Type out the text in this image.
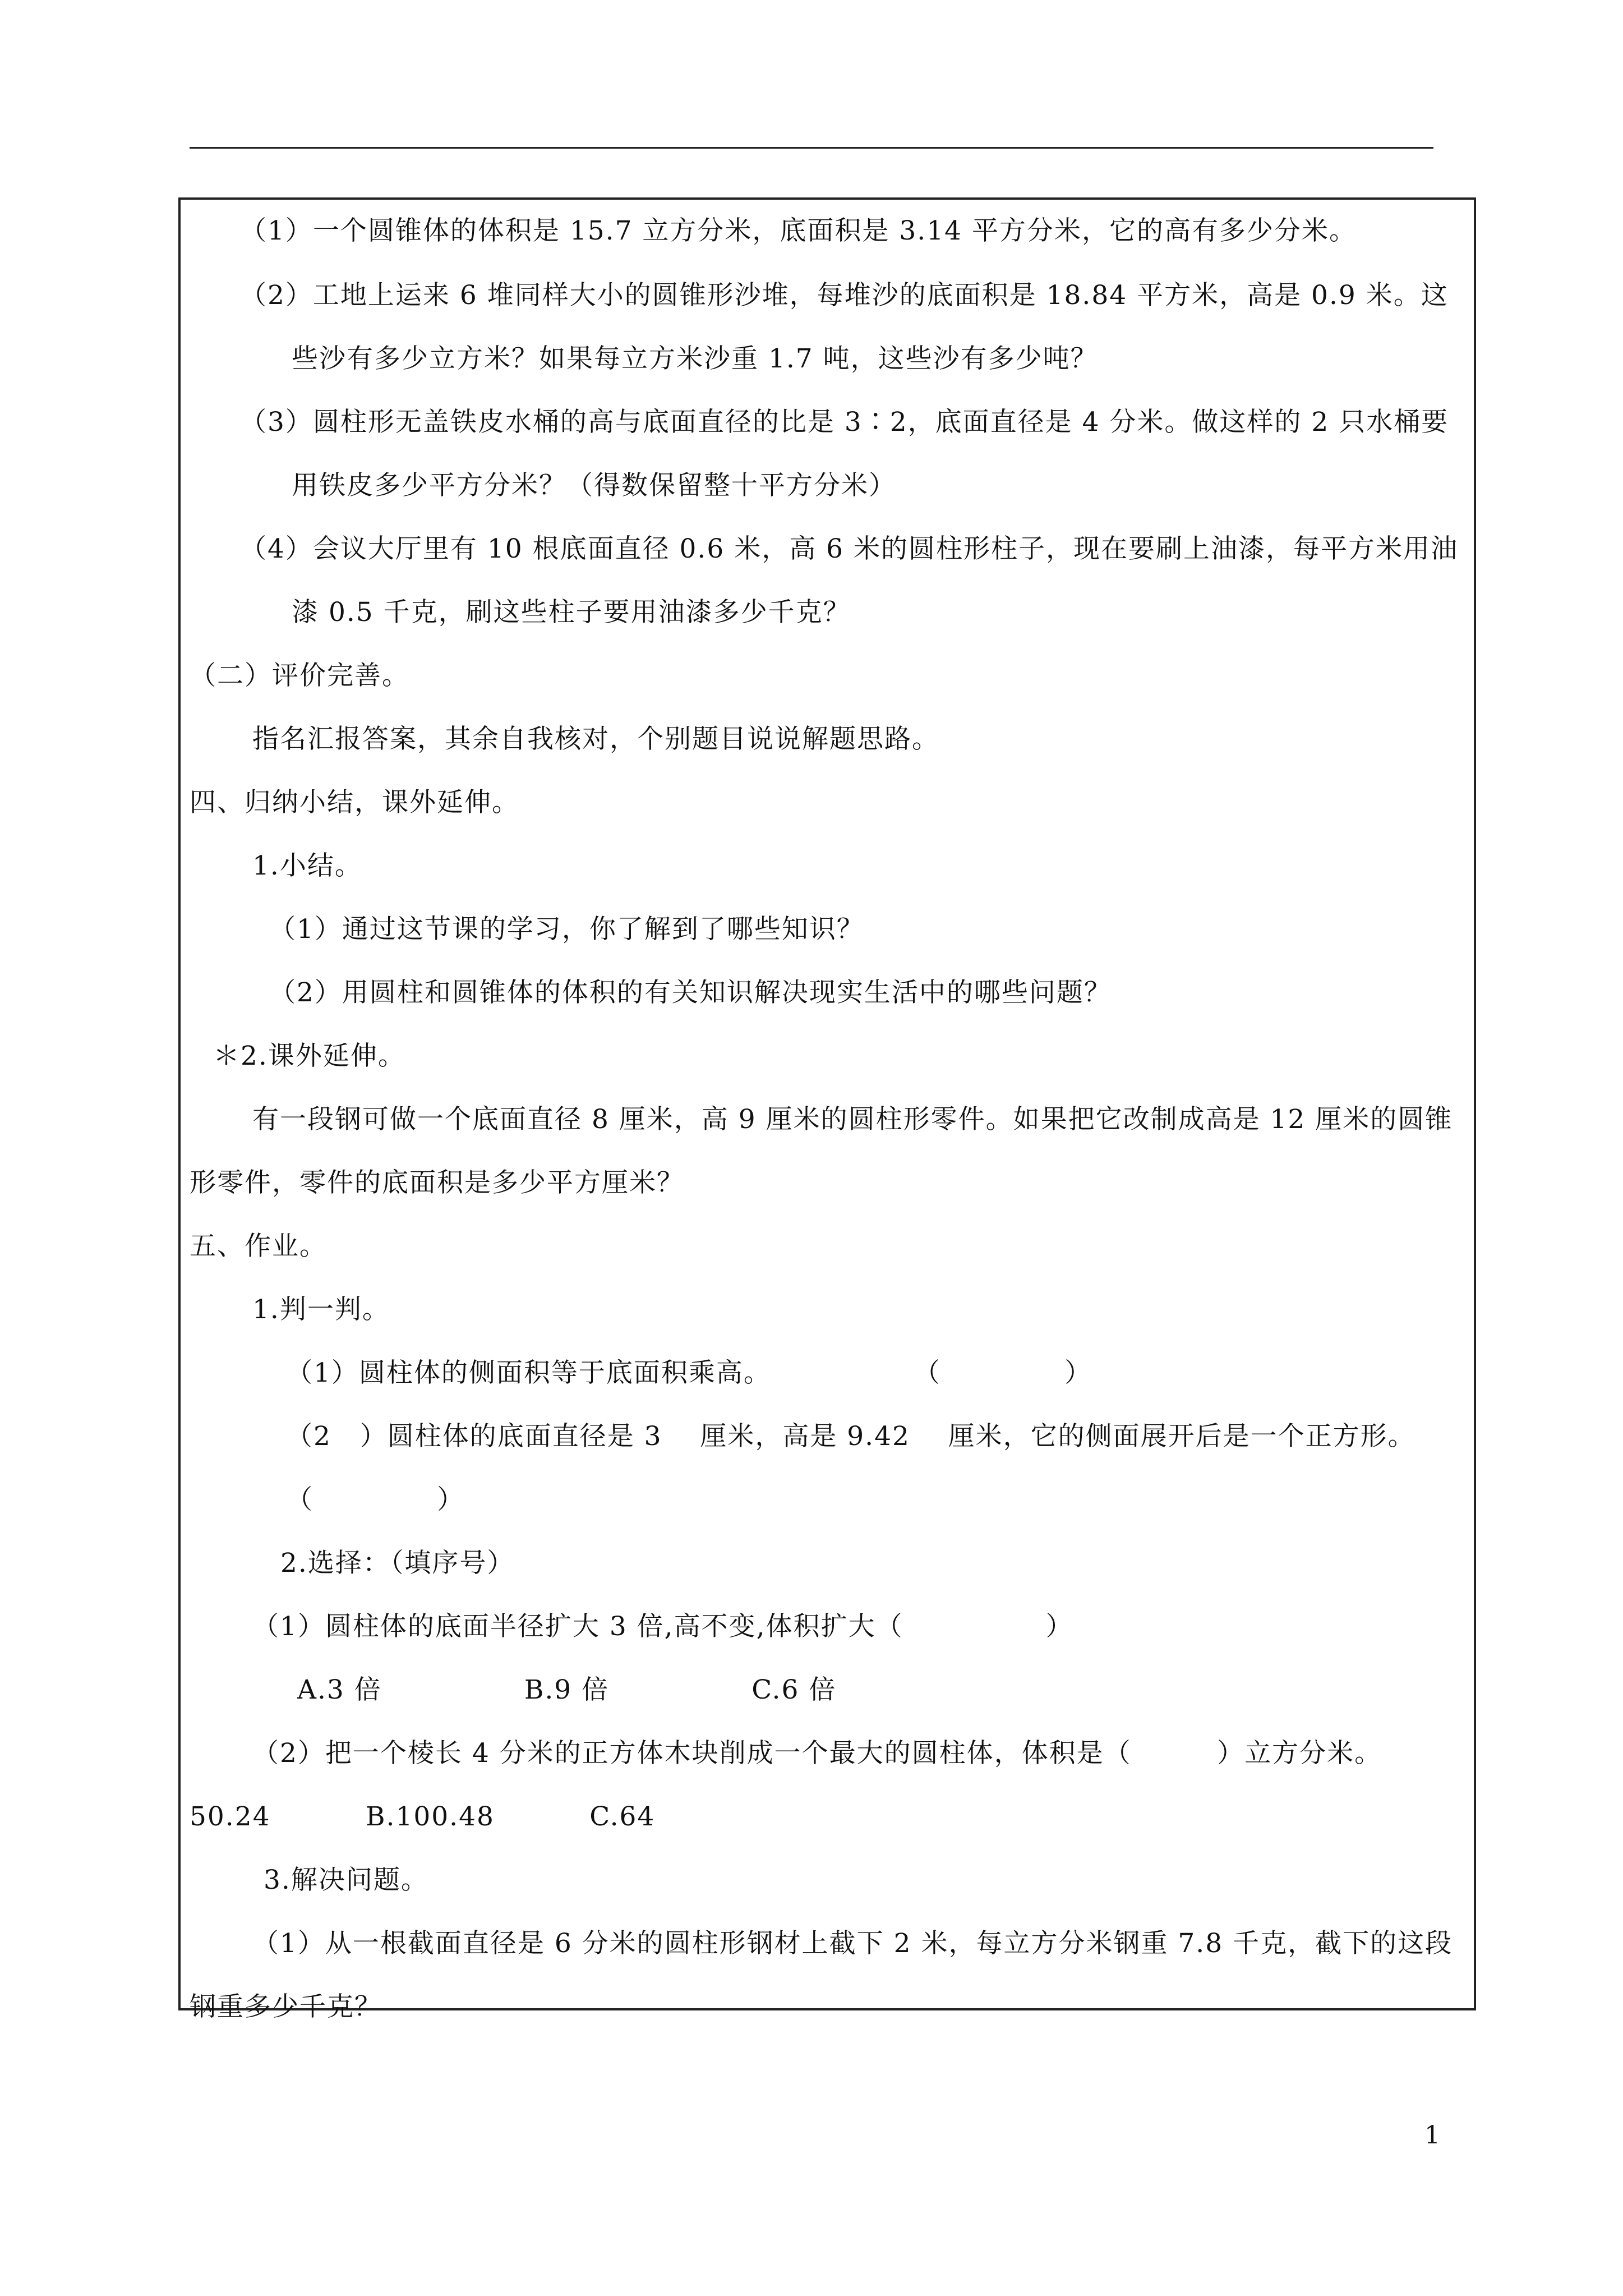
（1）一个圆锥体的体积是 15.7 立方分米，底面积是 3.14 平方分米，它的高有多少分米。
（2）工地上运来 6 堆同样大小的圆锥形沙堆，每堆沙的底面积是 18.84 平方米，高是 0.9 米。这
些沙有多少立方米？如果每立方米沙重 1.7 吨，这些沙有多少吨？
（3）圆柱形无盖铁皮水桶的高与底面直径的比是 3∶2，底面直径是 4 分米。做这样的 2 只水桶要
用铁皮多少平方分米？（得数保留整十平方分米）
（4）会议大厅里有 10 根底面直径 0.6 米，高 6 米的圆柱形柱子，现在要刷上油漆，每平方米用油
漆 0.5 千克，刷这些柱子要用油漆多少千克？
（二）评价完善。
指名汇报答案，其余自我核对，个别题目说说解题思路。
四、归纳小结，课外延伸。
1.小结。
（1）通过这节课的学习，你了解到了哪些知识？
（2）用圆柱和圆锥体的体积的有关知识解决现实生活中的哪些问题？
＊2.课外延伸。
有一段钢可做一个底面直径 8 厘米，高 9 厘米的圆柱形零件。如果把它改制成高是 12 厘米的圆锥
形零件，零件的底面积是多少平方厘米？
五、作业。
1.判一判。
（1）圆柱体的侧面积等于底面积乘高。               （             ）
（2   ）圆柱体的底面直径是 3    厘米，高是 9.42    厘米，它的侧面展开后是一个正方形。
（             ）
2.选择：（填序号）
（1）圆柱体的底面半径扩大 3 倍,高不变,体积扩大（               ）
A.3 倍               B.9 倍               C.6 倍
（2）把一个棱长 4 分米的正方体木块削成一个最大的圆柱体，体积是（         ）立方分米。
50.24          B.100.48          C.64
3.解决问题。
（1）从一根截面直径是 6 分米的圆柱形钢材上截下 2 米，每立方分米钢重 7.8 千克，截下的这段
钢重多少千克？
1
